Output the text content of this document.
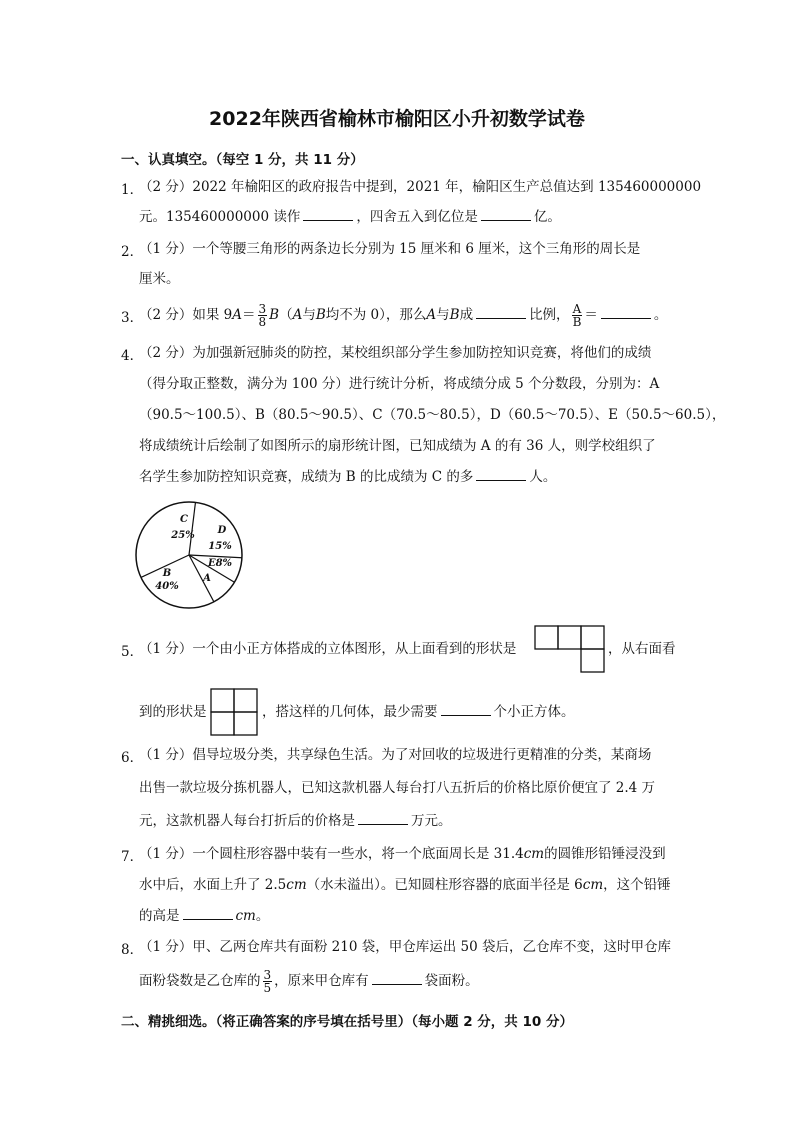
2022年陕西省榆林市榆阳区小升初数学试卷
一、认真填空。（每空 1 分，共 11 分）
1．
（2 分）2022 年榆阳区的政府报告中提到，2021 年，榆阳区生产总值达到 135460000000
元。135460000000 读作	，四舍五入到亿位是	亿。
2．
（1 分）一个等腰三角形的两条边长分别为 15 厘米和 6 厘米，这个三角形的周长是
厘米。
3．
（2 分）如果 $9A= \frac{3}{8} B(A$与B均不为 0），那么A与B成	比例， $\frac{A}{B}$ ＝	。
4．
（2 分）为加强新冠肺炎的防控，某校组织部分学生参加防控知识竞赛，将他们的成绩
（得分取正整数，满分为 100 分）进行统计分析，将成绩分成 5 个分数段，分别为：A
（90.5～100.5）、B（80.5～90.5）、C（70.5～80.5），D（60.5～70.5）、E（50.5～60.5），
将成绩统计后绘制了如图所示的扇形统计图，已知成绩为 A 的有 36 人，则学校组织了
名学生参加防控知识竞赛，成绩为 B 的比成绩为 C 的多	人。
C
25% D
15%
E8%
A
B
40%
5．
（1 分）一个由小正方体搭成的立体图形，从上面看到的形状是	，从右面看
到的形状是	，搭这样的几何体，最少需要	个小正方体。
6．
（1 分）倡导垃圾分类，共享绿色生活。为了对回收的垃圾进行更精准的分类，某商场
出售一款垃圾分拣机器人，已知这款机器人每台打八五折后的价格比原价便宜了 2.4 万
元，这款机器人每台打折后的价格是	万元。
7．
（1 分）一个圆柱形容器中装有一些水，将一个底面周长是 31.4cm的圆锥形铅锤浸没到
水中后，水面上升了 2.5cm（水未溢出）。已知圆柱形容器的底面半径是 6cm，这个铅锤
的高是	cm。
8．
（1 分）甲、乙两仓库共有面粉 210 袋，甲仓库运出 50 袋后，乙仓库不变，这时甲仓库
面粉袋数是乙仓库的 $\frac{3}{5}$ ，原来甲仓库有	袋面粉。
二、精挑细选。（将正确答案的序号填在括号里）（每小题 2 分，共 10 分）
